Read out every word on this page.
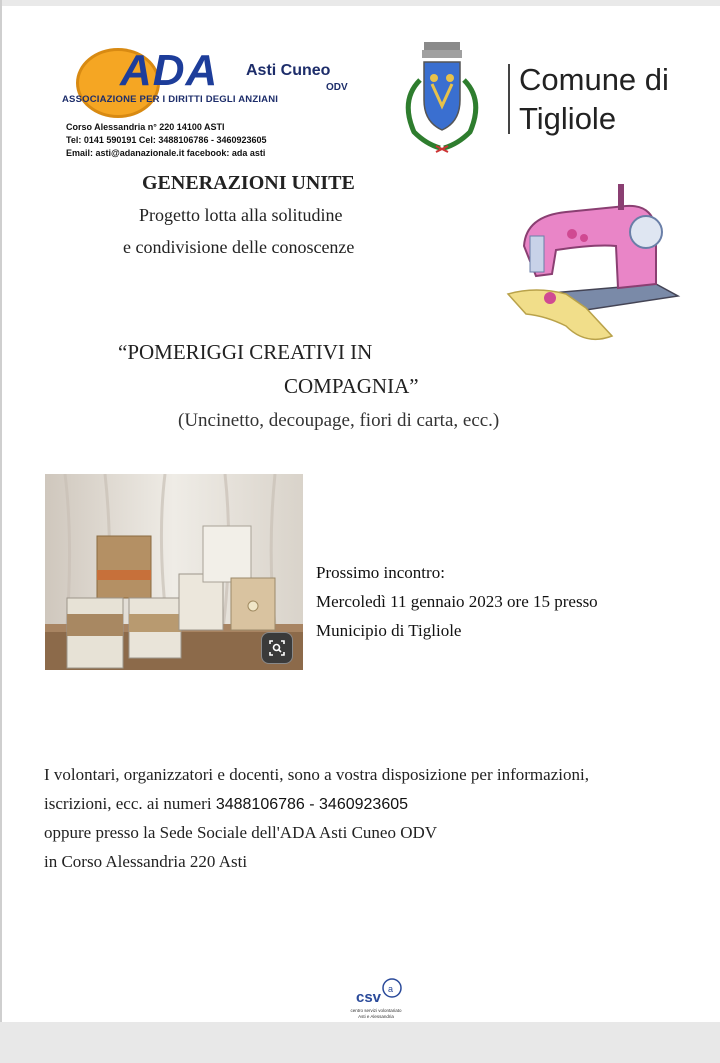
ADA Asti Cuneo
ODV
ASSOCIAZIONE PER I DIRITTI DEGLI ANZIANI
Corso Alessandria n° 220 14100 ASTI
Tel: 0141 590191 Cel: 3488106786 - 3460923605
Email: asti@adanazionale.it facebook: ada asti
Comune di
Tigliole
GENERAZIONI UNITE
Progetto lotta alla solitudine
e condivisione delle conoscenze
“POMERIGGI CREATIVI IN
COMPAGNIA”
(Uncinetto, decoupage, fiori di carta, ecc.)
Prossimo incontro:
Mercoledì 11 gennaio 2023 ore 15 presso
Municipio di Tigliole
I volontari, organizzatori e docenti, sono a vostra disposizione per informazioni,
iscrizioni, ecc. ai numeri 3488106786 - 3460923605
oppure presso la Sede Sociale dell'ADA Asti Cuneo ODV
in Corso Alessandria 220 Asti
csv a
centro servizi volontariato
Asti e Alessandria
